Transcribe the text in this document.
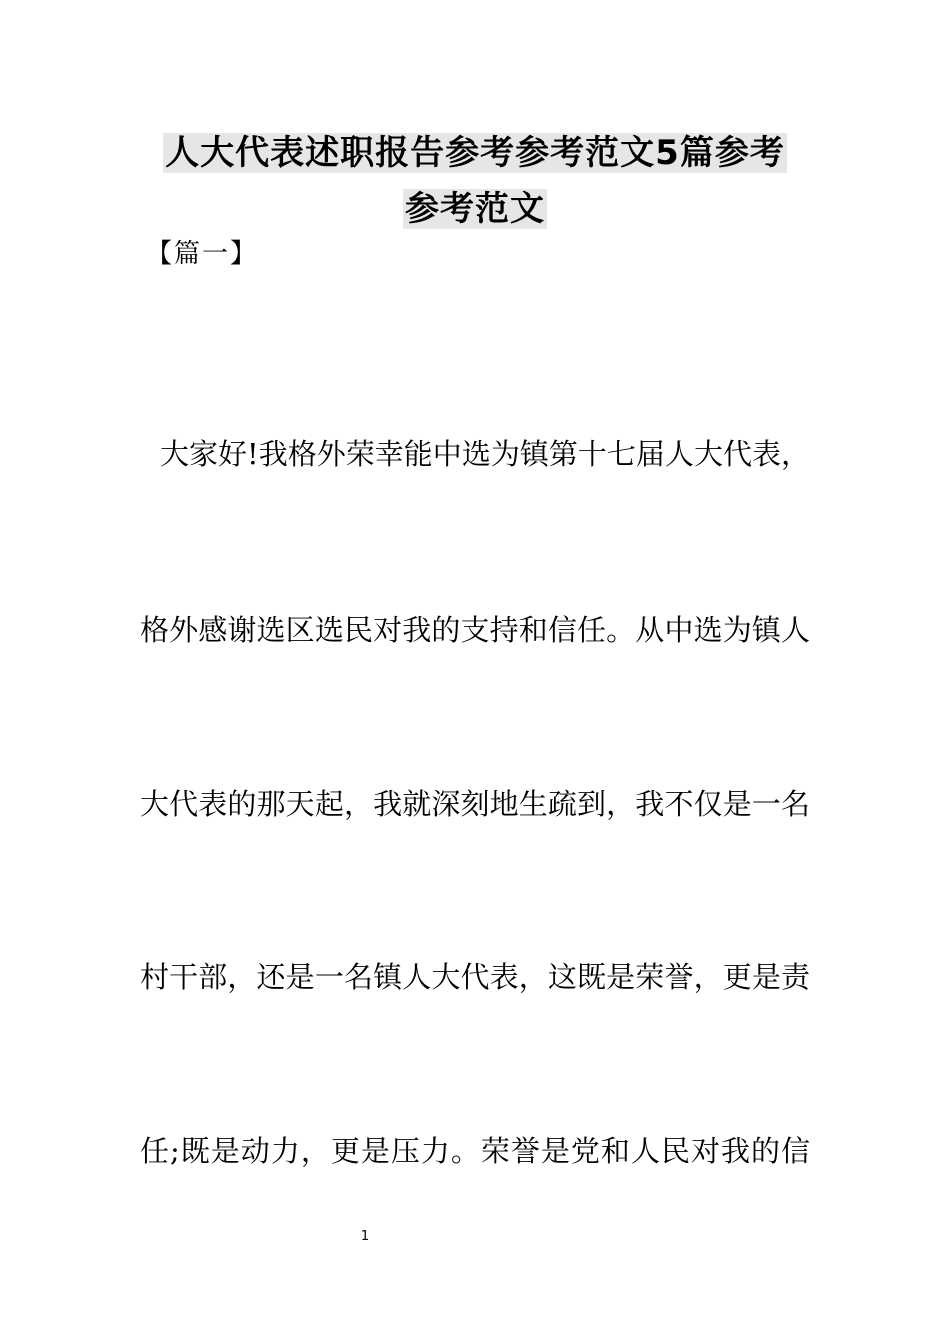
人大代表述职报告参考参考范文5篇参考
参考范文
【篇一】
大家好!我格外荣幸能中选为镇第十七届人大代表，
格外感谢选区选民对我的支持和信任。从中选为镇人
大代表的那天起，我就深刻地生疏到，我不仅是一名
村干部，还是一名镇人大代表，这既是荣誉，更是责
任;既是动力，更是压力。荣誉是党和人民对我的信
1
